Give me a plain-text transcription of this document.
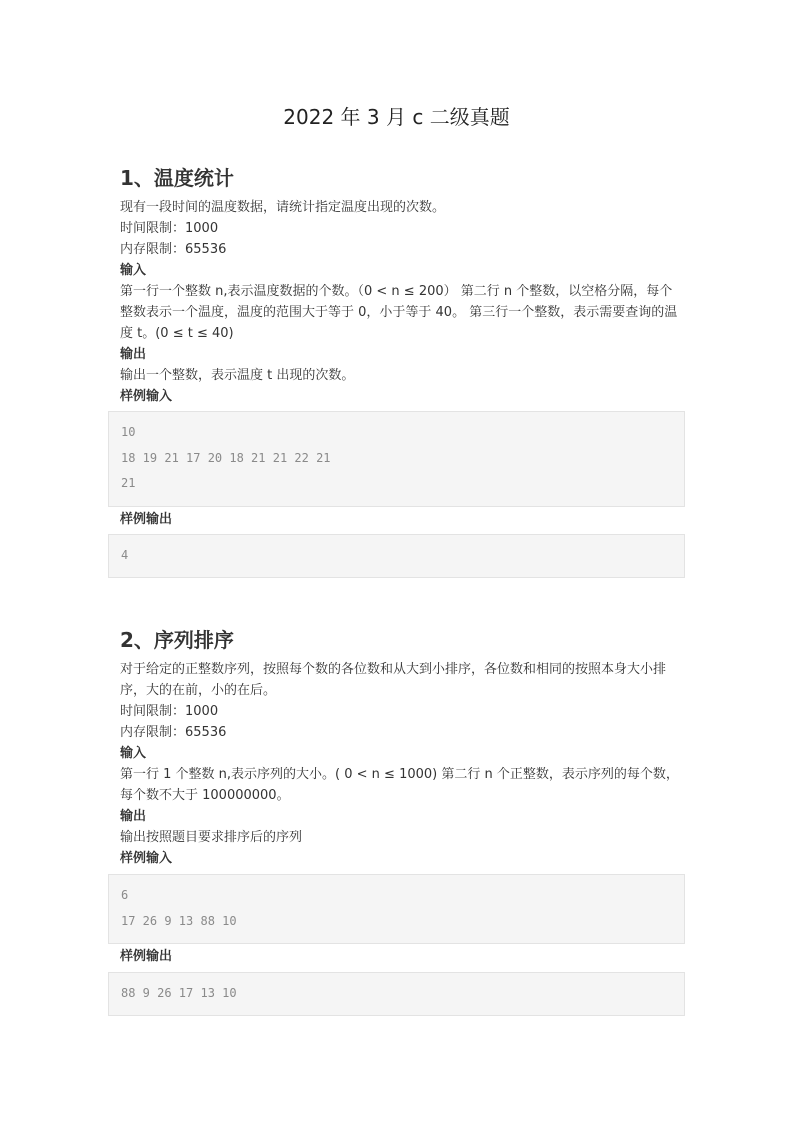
2022 年 3 月 c 二级真题
1、温度统计
现有一段时间的温度数据，请统计指定温度出现的次数。
时间限制：1000
内存限制：65536
输入
第一行一个整数 n,表示温度数据的个数。（0 < n ≤ 200） 第二行 n 个整数，以空格分隔，每个整数表示一个温度，温度的范围大于等于 0，小于等于 40。 第三行一个整数，表示需要查询的温度 t。(0 ≤ t ≤ 40)
输出
输出一个整数，表示温度 t 出现的次数。
样例输入
10
18 19 21 17 20 18 21 21 22 21
21
样例输出
4
2、序列排序
对于给定的正整数序列，按照每个数的各位数和从大到小排序，各位数和相同的按照本身大小排序，大的在前，小的在后。
时间限制：1000
内存限制：65536
输入
第一行 1 个整数 n,表示序列的大小。( 0 < n ≤ 1000) 第二行 n 个正整数，表示序列的每个数，每个数不大于 100000000。
输出
输出按照题目要求排序后的序列
样例输入
6
17 26 9 13 88 10
样例输出
88 9 26 17 13 10
